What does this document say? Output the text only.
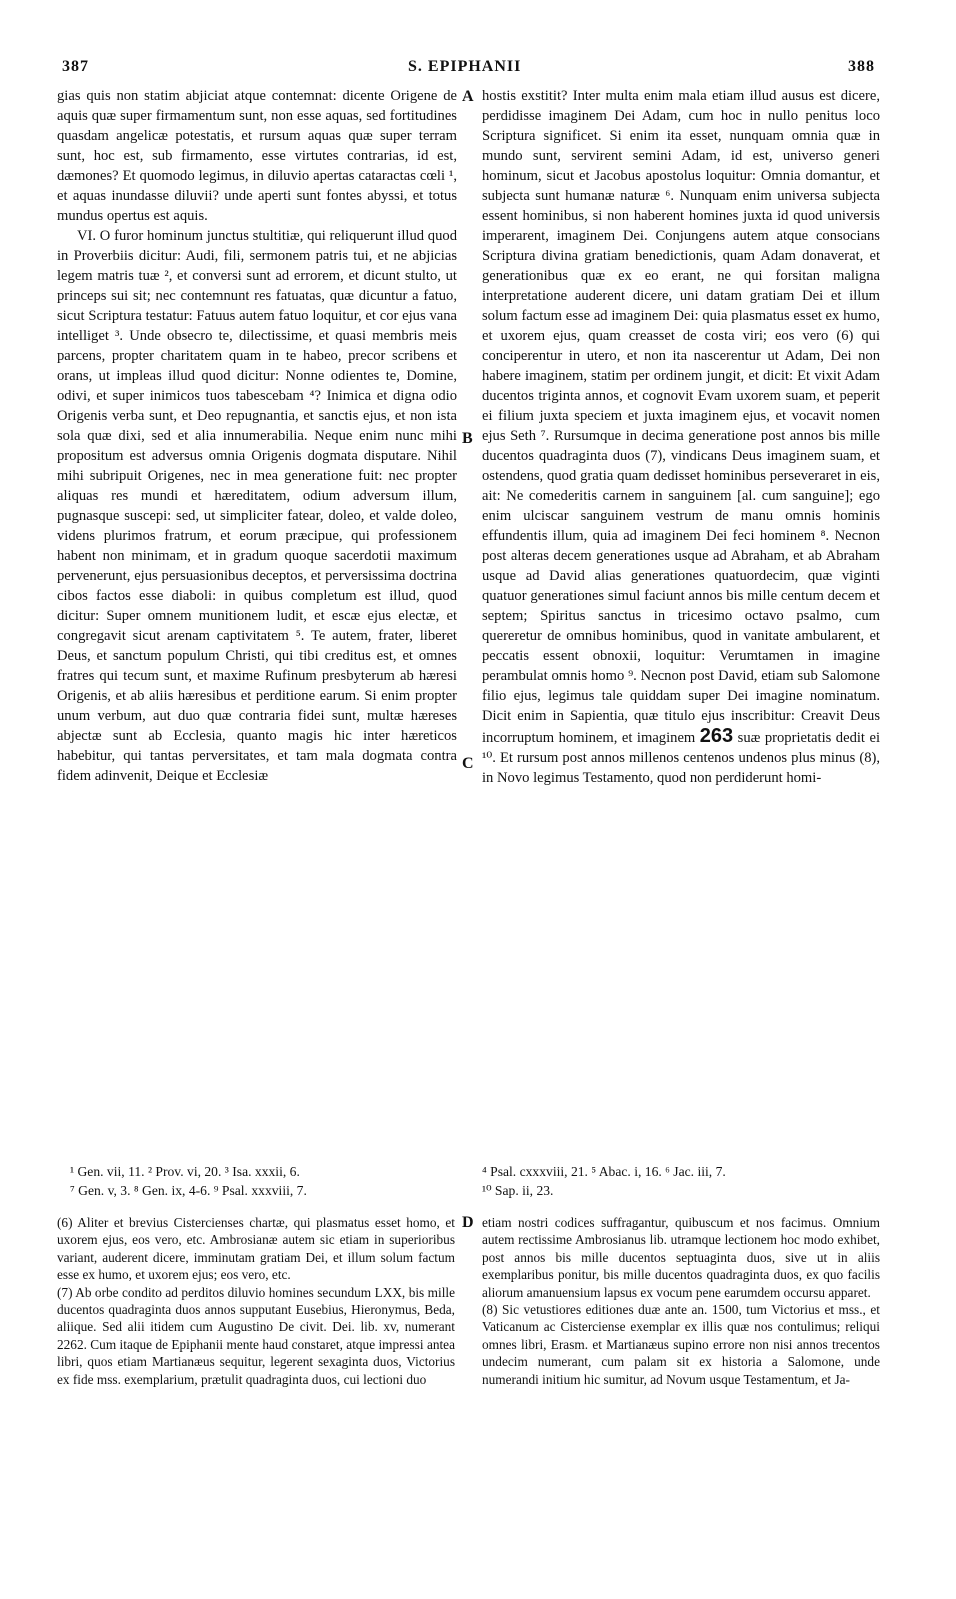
387	S. EPIPHANII	388
A
B
C
D

gias quis non statim abjiciat atque contemnat: dicente Origene de aquis quæ super firmamentum sunt, non esse aquas, sed fortitudines quasdam angelicæ potestatis, et rursum aquas quæ super terram sunt, hoc est, sub firmamento, esse virtutes contrarias, id est, dæmones? Et quomodo legimus, in diluvio apertas cataractas cœli ¹, et aquas inundasse diluvii? unde aperti sunt fontes abyssi, et totus mundus opertus est aquis.

VI. O furor hominum junctus stultitiæ, qui reliquerunt illud quod in Proverbiis dicitur: Audi, fili, sermonem patris tui, et ne abjicias legem matris tuæ ², et conversi sunt ad errorem, et dicunt stulto, ut princeps sui sit; nec contemnunt res fatuatas, quæ dicuntur a fatuo, sicut Scriptura testatur: Fatuus autem fatuo loquitur, et cor ejus vana intelliget ³. Unde obsecro te, dilectissime, et quasi membris meis parcens, propter charitatem quam in te habeo, precor scribens et orans, ut impleas illud quod dicitur: Nonne odientes te, Domine, odivi, et super inimicos tuos tabescebam ⁴? Inimica et digna odio Origenis verba sunt, et Deo repugnantia, et sanctis ejus, et non ista sola quæ dixi, sed et alia innumerabilia. Neque enim nunc mihi propositum est adversus omnia Origenis dogmata disputare. Nihil mihi subripuit Origenes, nec in mea generatione fuit: nec propter aliquas res mundi et hæreditatem, odium adversum illum, pugnasque suscepi: sed, ut simpliciter fatear, doleo, et valde doleo, videns plurimos fratrum, et eorum præcipue, qui professionem habent non minimam, et in gradum quoque sacerdotii maximum pervenerunt, ejus persuasionibus deceptos, et perversissima doctrina cibos factos esse diaboli: in quibus completum est illud, quod dicitur: Super omnem munitionem ludit, et escæ ejus electæ, et congregavit sicut arenam captivitatem ⁵. Te autem, frater, liberet Deus, et sanctum populum Christi, qui tibi creditus est, et omnes fratres qui tecum sunt, et maxime Rufinum presbyterum ab hæresi Origenis, et ab aliis hæresibus et perditione earum. Si enim propter unum verbum, aut duo quæ contraria fidei sunt, multæ hæreses abjectæ sunt ab Ecclesia, quanto magis hic inter hæreticos habebitur, qui tantas perversitates, et tam mala dogmata contra fidem adinvenit, Deique et Ecclesiæ

hostis exstitit? Inter multa enim mala etiam illud ausus est dicere, perdidisse imaginem Dei Adam, cum hoc in nullo penitus loco Scriptura significet. Si enim ita esset, nunquam omnia quæ in mundo sunt, servirent semini Adam, id est, universo generi hominum, sicut et Jacobus apostolus loquitur: Omnia domantur, et subjecta sunt humanæ naturæ ⁶. Nunquam enim universa subjecta essent hominibus, si non haberent homines juxta id quod universis imperarent, imaginem Dei. Conjungens autem atque consocians Scriptura divina gratiam benedictionis, quam Adam donaverat, et generationibus quæ ex eo erant, ne qui forsitan maligna interpretatione auderent dicere, uni datam gratiam Dei et illum solum factum esse ad imaginem Dei: quia plasmatus esset ex humo, et uxorem ejus, quam creasset de costa viri; eos vero (6) qui conciperentur in utero, et non ita nascerentur ut Adam, Dei non habere imaginem, statim per ordinem jungit, et dicit: Et vixit Adam ducentos triginta annos, et cognovit Evam uxorem suam, et peperit ei filium juxta speciem et juxta imaginem ejus, et vocavit nomen ejus Seth ⁷. Rursumque in decima generatione post annos bis mille ducentos quadraginta duos (7), vindicans Deus imaginem suam, et ostendens, quod gratia quam dedisset hominibus perseveraret in eis, ait: Ne comederitis carnem in sanguinem [al. cum sanguine]; ego enim ulciscar sanguinem vestrum de manu omnis hominis effundentis illum, quia ad imaginem Dei feci hominem ⁸. Necnon post alteras decem generationes usque ad Abraham, et ab Abraham usque ad David alias generationes quatuordecim, quæ viginti quatuor generationes simul faciunt annos bis mille centum decem et septem; Spiritus sanctus in tricesimo octavo psalmo, cum quereretur de omnibus hominibus, quod in vanitate ambularent, et peccatis essent obnoxii, loquitur: Verumtamen in imagine perambulat omnis homo ⁹. Necnon post David, etiam sub Salomone filio ejus, legimus tale quiddam super Dei imagine nominatum. Dicit enim in Sapientia, quæ titulo ejus inscribitur: Creavit Deus incorruptum hominem, et imaginem 263 suæ proprietatis dedit ei ¹⁰. Et rursum post annos millenos centenos undenos plus minus (8), in Novo legimus Testamento, quod non perdiderunt homi-

¹ Gen. vii, 11. ² Prov. vi, 20. ³ Isa. xxxii, 6.

⁷ Gen. v, 3. ⁸ Gen. ix, 4-6. ⁹ Psal. xxxviii, 7.

⁴ Psal. cxxxviii, 21. ⁵ Abac. i, 16. ⁶ Jac. iii, 7.

¹⁰ Sap. ii, 23.

(6) Aliter et brevius Cistercienses chartæ, qui plasmatus esset homo, et uxorem ejus, eos vero, etc. Ambrosianæ autem sic etiam in superioribus variant, auderent dicere, imminutam gratiam Dei, et illum solum factum esse ex humo, et uxorem ejus; eos vero, etc.

(7) Ab orbe condito ad perditos diluvio homines secundum LXX, bis mille ducentos quadraginta duos annos supputant Eusebius, Hieronymus, Beda, aliique. Sed alii itidem cum Augustino De civit. Dei. lib. xv, numerant 2262. Cum itaque de Epiphanii mente haud constaret, atque impressi antea libri, quos etiam Martianæus sequitur, legerent sexaginta duos, Victorius ex fide mss. exemplarium, prætulit quadraginta duos, cui lectioni duo

etiam nostri codices suffragantur, quibuscum et nos facimus. Omnium autem rectissime Ambrosianus lib. utramque lectionem hoc modo exhibet, post annos bis mille ducentos septuaginta duos, sive ut in aliis exemplaribus ponitur, bis mille ducentos quadraginta duos, ex quo facilis aliorum amanuensium lapsus ex vocum pene earumdem occursu apparet.

(8) Sic vetustiores editiones duæ ante an. 1500, tum Victorius et mss., et Vaticanum ac Cisterciense exemplar ex illis quæ nos contulimus; reliqui omnes libri, Erasm. et Martianæus supino errore non nisi annos trecentos undecim numerant, cum palam sit ex historia a Salomone, unde numerandi initium hic sumitur, ad Novum usque Testamentum, et Ja-
